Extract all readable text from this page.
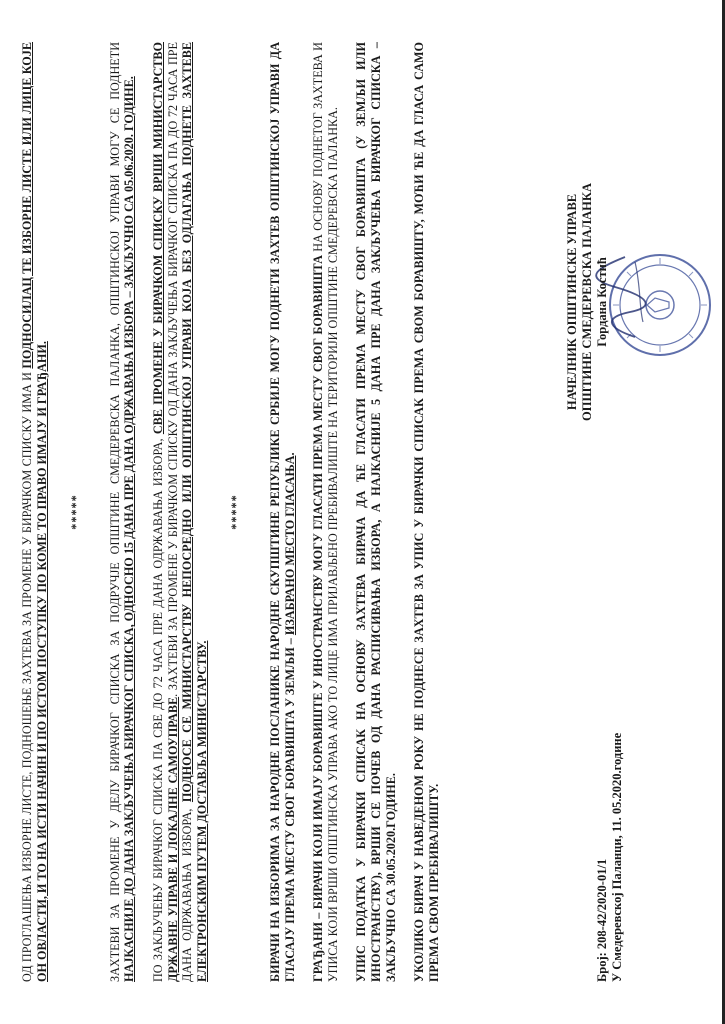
ОД ПРОГЛАШЕЊА ИЗБОРНЕ ЛИСТЕ, ПОДНОШЕЊЕ ЗАХТЕВА ЗА ПРОМЕНЕ У БИРАЧКОМ СПИСКУ ИМА И ПОДНОСИЛАЦ ТЕ ИЗБОРНЕ ЛИСТЕ ИЛИ ЛИЦЕ КОЈЕ ОН ОВЛАСТИ, И ТО НА ИСТИ НАЧИН И ПО ИСТОМ ПОСТУПКУ ПО КОМЕ ТО ПРАВО ИМАЈУ И ГРАЂАНИ. ***** ЗАХТЕВИ ЗА ПРОМЕНЕ У ДЕЛУ БИРАЧКОГ СПИСКА ЗА ПОДРУЧЈЕ ОПШТИНЕ СМЕДЕРЕВСКА ПАЛАНКА, ОПШТИНСКОЈ УПРАВИ МОГУ СЕ ПОДНЕТИ НАЈКАСНИЈЕ ДО ДАНА ЗАКЉУЧЕЊА БИРАЧКОГ СПИСКА, ОДНОСНО 15 ДАНА ПРЕ ДАНА ОДРЖАВАЊА ИЗБОРА – ЗАКЉУЧНО СА 05.06.2020. ГОДИНЕ. ПО ЗАКЉУЧЕЊУ БИРАЧКОГ СПИСКА ПА СВЕ ДО 72 ЧАСА ПРЕ ДАНА ОДРЖАВАЊА ИЗБОРА, СВЕ ПРОМЕНЕ У БИРАЧКОМ СПИСКУ ВРШИ МИНИСТАРСТВО ДРЖАВНЕ УПРАВЕ И ЛОКАЛНЕ САМОУПРАВЕ. ЗАХТЕВИ ЗА ПРОМЕНЕ У БИРАЧКОМ СПИСКУ ОД ДАНА ЗАКЉУЧЕЊА БИРАЧКОГ СПИСКА ПА ДО 72 ЧАСА ПРЕ ДАНА ОДРЖАВАЊА ИЗБОРА, ПОДНОСЕ СЕ МИНИСТАРСТВУ НЕПОСРЕДНО ИЛИ ОПШТИНСКОЈ УПРАВИ КОЈА БЕЗ ОДЛАГАЊА ПОДНЕТЕ ЗАХТЕВЕ ЕЛЕКТРОНСКИМ ПУТЕМ ДОСТАВЉА МИНИСТАРСТВУ.

***** БИРАЧИ НА ИЗБОРИМА ЗА НАРОДНЕ ПОСЛАНИКЕ НАРОДНЕ СКУПШТИНЕ РЕПУБЛИКЕ СРБИЈЕ МОГУ ПОДНЕТИ ЗАХТЕВ ОПШТИНСКОЈ УПРАВИ ДА ГЛАСАЈУ ПРЕМА МЕСТУ СВОГ БОРАВИШТА У ЗЕМЉИ – ИЗАБРАНО МЕСТО ГЛАСАЊА. ГРАЂАНИ – БИРАЧИ КОЈИ ИМАЈУ БОРАВИШТЕ У ИНОСТРАНСТВУ МОГУ ГЛАСАТИ ПРЕМА МЕСТУ СВОГ БОРАВИШТА НА ОСНОВУ ПОДНЕТОГ ЗАХТЕВА И УПИСА КОЈИ ВРШИ ОПШТИНСКА УПРАВА АКО ТО ЛИЦЕ ИМА ПРИЈАВЉЕНО ПРЕБИВАЛИШТЕ НА ТЕРИТОРИЈИ ОПШТИНЕ СМЕДЕРЕВСКА ПАЛАНКА. УПИС ПОДАТКА У БИРАЧКИ СПИСАК НА ОСНОВУ ЗАХТЕВА БИРАЧА ДА ЋЕ ГЛАСАТИ ПРЕМА МЕСТУ СВОГ БОРАВИШТА (У ЗЕМЉИ ИЛИ ИНОСТРАНСТВУ), ВРШИ СЕ ПОЧЕВ ОД ДАНА РАСПИСИВАЊА ИЗБОРА, А НАЈКАСНИЈЕ 5 ДАНА ПРЕ ДАНА ЗАКЉУЧЕЊА БИРАЧКОГ СПИСКА – ЗАКЉУЧНО СА 30.05.2020.ГОДИНЕ. УКОЛИКО БИРАЧ У НАВЕДЕНОМ РОКУ НЕ ПОДНЕСЕ ЗАХТЕВ ЗА УПИС У БИРАЧКИ СПИСАК ПРЕМА СВОМ БОРАВИШТУ, МОЋИ ЋЕ ДА ГЛАСА САМО ПРЕМА СВОМ ПРЕБИВАЛИШТУ.	Број: 208-42/2020-01/1 У Смедеревској Паланци, 11. 05.2020.године
НАЧЕЛНИК ОПШТИНСКЕ УПРАВЕ ОПШТИНЕ СМЕДЕРЕВСКА ПАЛАНКА Гордана Костић
